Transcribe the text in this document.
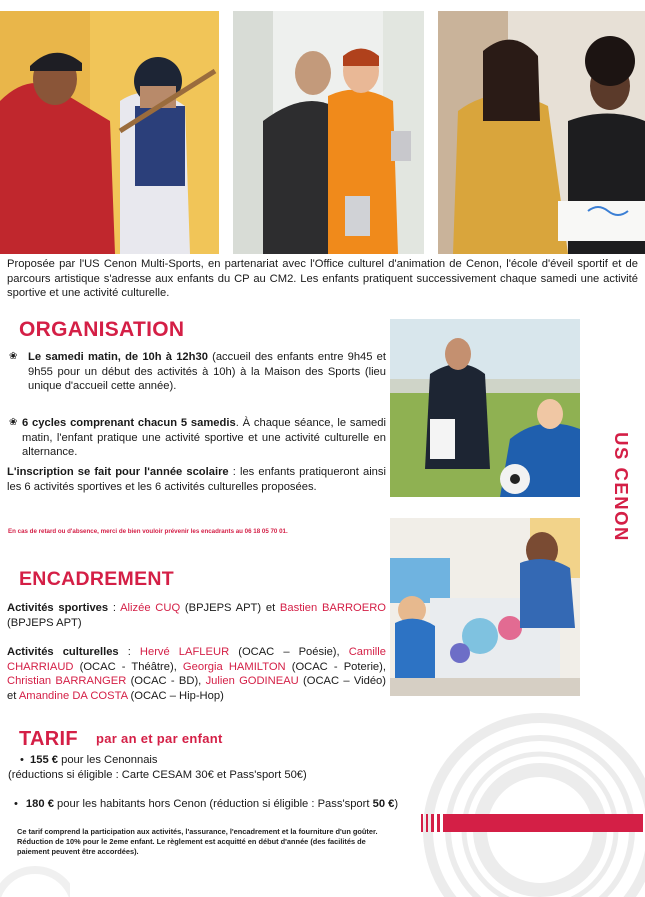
Proposée par l'US Cenon Multi-Sports, en partenariat avec l'Office culturel d'animation de Cenon, l'école d'éveil sportif et de parcours artistique s'adresse aux enfants du CP au CM2. Les enfants pratiquent successivement chaque samedi une activité sportive et une activité culturelle.

US CENON
ORGANISATION
❀ Le samedi matin, de 10h à 12h30 (accueil des enfants entre 9h45 et 9h55 pour un début des activités à 10h) à la Maison des Sports (lieu unique d'accueil cette année).
❀ 6 cycles comprenant chacun 5 samedis. À chaque séance, le samedi matin, l'enfant pratique une activité sportive et une activité culturelle en alternance.
L'inscription se fait pour l'année scolaire : les enfants pratiqueront ainsi les 6 activités sportives et les 6 activités culturelles proposées.
En cas de retard ou d'absence, merci de bien vouloir prévenir les encadrants au 06 18 05 70 01.
ENCADREMENT
Activités sportives : Alizée CUQ (BPJEPS APT) et Bastien BARROERO (BPJEPS APT)
Activités culturelles : Hervé LAFLEUR (OCAC – Poésie), Camille CHARRIAUD (OCAC - Théâtre), Georgia HAMILTON (OCAC - Poterie), Christian BARRANGER (OCAC - BD), Julien GODINEAU (OCAC – Vidéo) et Amandine DA COSTA (OCAC – Hip-Hop)
TARIF par an et par enfant
• 155 € pour les Cenonnais
(réductions si éligible : Carte CESAM 30€ et Pass'sport 50€)
• 180 € pour les habitants hors Cenon (réduction si éligible : Pass'sport 50 €)
Ce tarif comprend la participation aux activités, l'assurance, l'encadrement et la fourniture d'un goûter. Réduction de 10% pour le 2eme enfant. Le règlement est acquitté en début d'année (des facilités de paiement peuvent être accordées).
